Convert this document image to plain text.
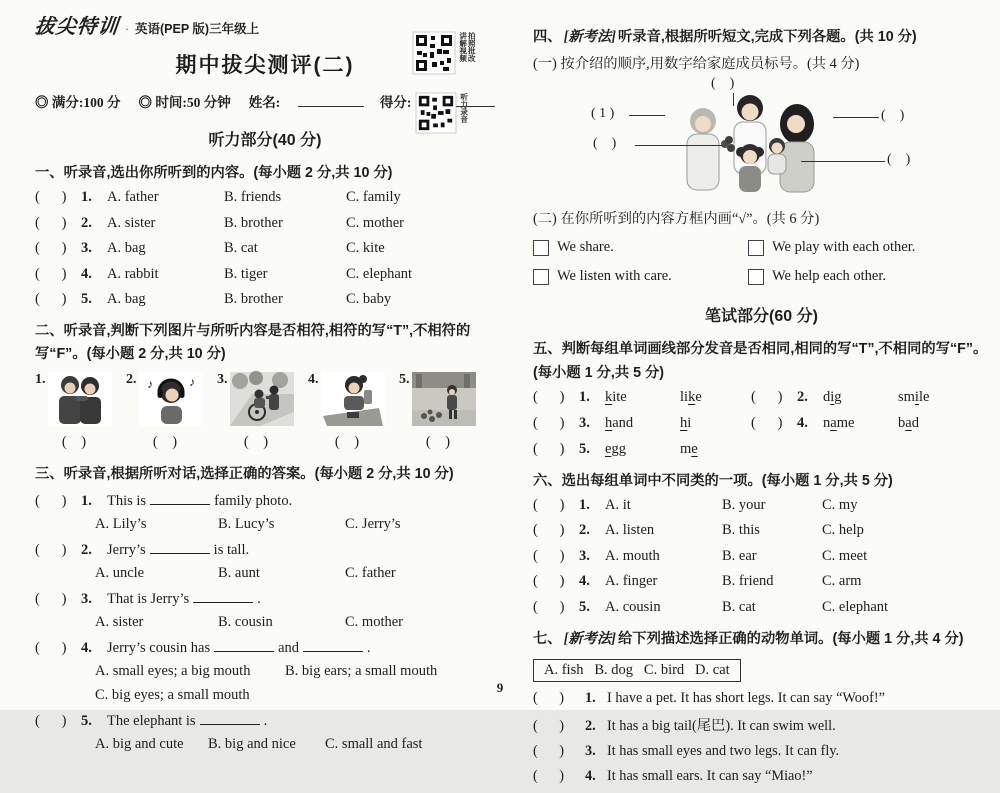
拔尖特训 · 英语(PEP 版)三年级上
期中拔尖测评(二)
◎ 满分:100 分 ◎ 时间:50 分钟 姓名:	得分:
听力部分(40 分)

一、听录音,选出你所听到的内容。(每小题 2 分,共 10 分)

(      )	1.	A. father	B. friends	C. family
(      )	2.	A. sister	B. brother	C. mother
(      )	3.	A. bag	B. cat	C. kite
(      )	4.	A. rabbit	B. tiger	C. elephant
(      )	5.	A. bag	B. brother	C. baby

二、听录音,判断下列图片与所听内容是否相符,相符的写“T”,不相符的写“F”。(每小题 2 分,共 10 分)

1.
(    )
2. ♪	♪
(    )
3.
(    )
4.
(    )
5.
(    )

三、听录音,根据所听对话,选择正确的答案。(每小题 2 分,共 10 分)

(      )	1.	This is	family photo.
A. Lily’s	B. Lucy’s	C. Jerry’s
(      )	2.	Jerry’s	is tall.
A. uncle	B. aunt	C. father
(      )	3.	That is Jerry’s	.
A. sister	B. cousin	C. mother
(      )	4.	Jerry’s cousin has	and	.
A. small eyes; a big mouth	B. big ears; a small mouth
C. big eyes; a small mouth
(      )	5.	The elephant is	.
A. big and cute	B. big and nice	C. small and fast
拍照批改
讲解视频
听力录音

四、 [新考法] 听录音,根据所听短文,完成下列各题。(共 10 分)

(一) 按介绍的顺序,用数字给家庭成员标号。(共 4 分)

(    )
( 1 )	(    )
(    )
(    )

(二) 在你所听到的内容方框内画“√”。(共 6 分)

We share.	We play with each other.
We listen with care.	We help each other.
笔试部分(60 分)

五、判断每组单词画线部分发音是否相同,相同的写“T”,不相同的写“F”。(每小题 1 分,共 5 分)

(      )	1.	kite	like	(      )	2.	dig	smile
(      )	3.	hand	hi	(      )	4.	name	bad
(      )	5.	egg	me

六、选出每组单词中不同类的一项。(每小题 1 分,共 5 分)

(      )	1.	A. it	B. your	C. my
(      )	2.	A. listen	B. this	C. help
(      )	3.	A. mouth	B. ear	C. meet
(      )	4.	A. finger	B. friend	C. arm
(      )	5.	A. cousin	B. cat	C. elephant

七、 [新考法] 给下列描述选择正确的动物单词。(每小题 1 分,共 4 分)

A. fish   B. dog   C. bird   D. cat
(      )	1. I have a pet. It has short legs. It can say “Woof!”
(      )	2. It has a big tail(尾巴). It can swim well.
(      )	3. It has small eyes and two legs. It can fly.
(      )	4. It has small ears. It can say “Miao!”
9
